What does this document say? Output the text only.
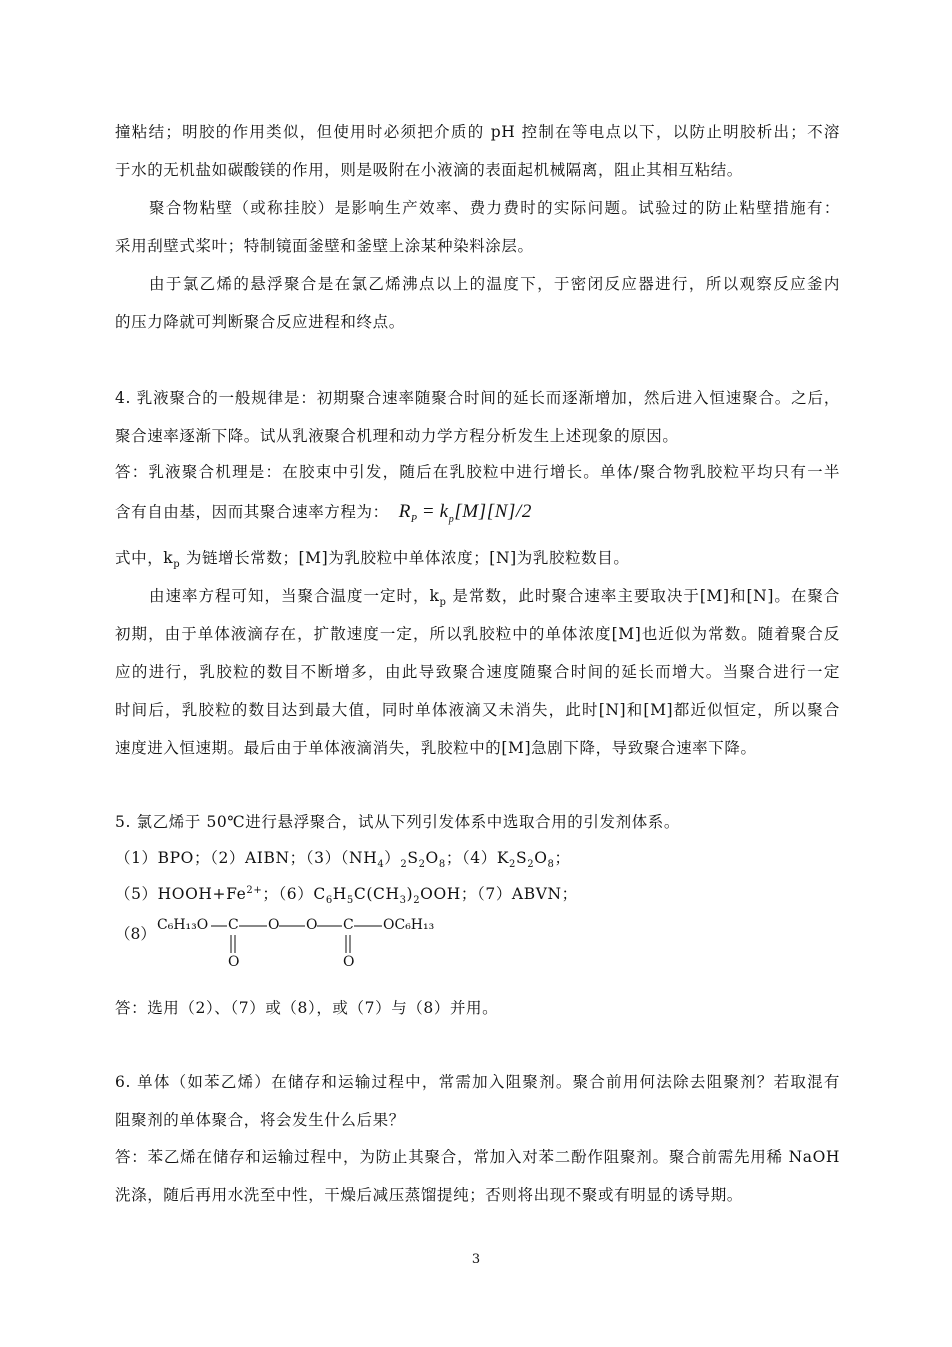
撞粘结；明胶的作用类似，但使用时必须把介质的 pH 控制在等电点以下，以防止明胶析出；不溶
于水的无机盐如碳酸镁的作用，则是吸附在小液滴的表面起机械隔离，阻止其相互粘结。
聚合物粘壁（或称挂胶）是影响生产效率、费力费时的实际问题。试验过的防止粘壁措施有：
采用刮壁式桨叶；特制镜面釜壁和釜壁上涂某种染料涂层。
由于氯乙烯的悬浮聚合是在氯乙烯沸点以上的温度下，于密闭反应器进行，所以观察反应釜内
的压力降就可判断聚合反应进程和终点。
4. 乳液聚合的一般规律是：初期聚合速率随聚合时间的延长而逐渐增加，然后进入恒速聚合。之后，
聚合速率逐渐下降。试从乳液聚合机理和动力学方程分析发生上述现象的原因。
答：乳液聚合机理是：在胶束中引发，随后在乳胶粒中进行增长。单体/聚合物乳胶粒平均只有一半
含有自由基，因而其聚合速率方程为： $R_P = k_p[M][N]/2$
式中，$k_p$ 为链增长常数；[M]为乳胶粒中单体浓度；[N]为乳胶粒数目。
由速率方程可知，当聚合温度一定时，$k_p$ 是常数，此时聚合速率主要取决于[M]和[N]。在聚合
初期，由于单体液滴存在，扩散速度一定，所以乳胶粒中的单体浓度[M]也近似为常数。随着聚合反
应的进行，乳胶粒的数目不断增多，由此导致聚合速度随聚合时间的延长而增大。当聚合进行一定
时间后，乳胶粒的数目达到最大值，同时单体液滴又未消失，此时[N]和[M]都近似恒定，所以聚合
速度进入恒速期。最后由于单体液滴消失，乳胶粒中的[M]急剧下降，导致聚合速率下降。
5. 氯乙烯于 50℃进行悬浮聚合，试从下列引发体系中选取合用的引发剂体系。
（1）BPO；（2）AIBN；$(3)(NH_4)_2S_2O_8$；$(4)K_2S_2O_8$；
$(5)HOOH+Fe^{2+}$；$(6)C_6H_5C(CH_3)_2OOH$；（7）ABVN；
（8） C₆H₁₃O C O O C OC₆H₁₃
O	O
答：选用（2）、（7）或（8），或（7）与（8）并用。
6. 单体（如苯乙烯）在储存和运输过程中，常需加入阻聚剂。聚合前用何法除去阻聚剂？若取混有
阻聚剂的单体聚合，将会发生什么后果？
答：苯乙烯在储存和运输过程中，为防止其聚合，常加入对苯二酚作阻聚剂。聚合前需先用稀 NaOH
洗涤，随后再用水洗至中性，干燥后减压蒸馏提纯；否则将出现不聚或有明显的诱导期。
3
